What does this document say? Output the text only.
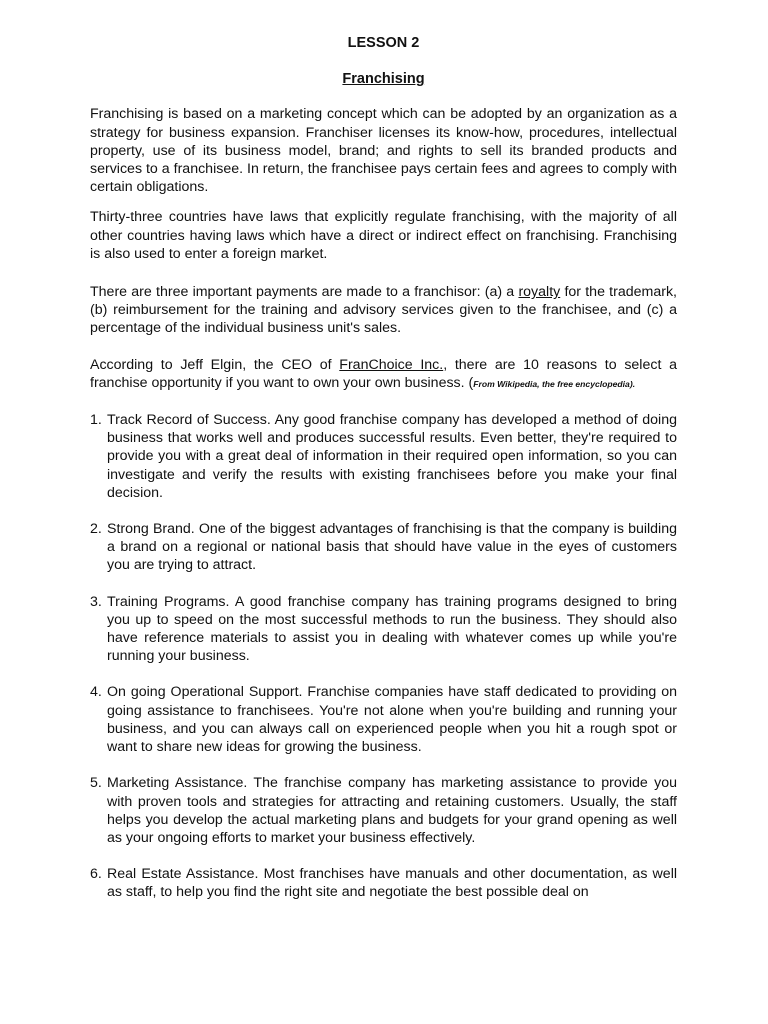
LESSON 2
Franchising

Franchising is based on a marketing concept which can be adopted by an organization as a strategy for business expansion. Franchiser licenses its know-how, procedures, intellectual property, use of its business model, brand; and rights to sell its branded products and services to a franchisee. In return, the franchisee pays certain fees and agrees to comply with certain obligations.

Thirty-three countries have laws that explicitly regulate franchising, with the majority of all other countries having laws which have a direct or indirect effect on franchising. Franchising is also used to enter a foreign market.

There are three important payments are made to a franchisor: (a) a royalty for the trademark, (b) reimbursement for the training and advisory services given to the franchisee, and (c) a percentage of the individual business unit's sales.

According to Jeff Elgin, the CEO of FranChoice Inc., there are 10 reasons to select a franchise opportunity if you want to own your own business. (From Wikipedia, the free encyclopedia).

1. Track Record of Success. Any good franchise company has developed a method of doing business that works well and produces successful results. Even better, they're required to provide you with a great deal of information in their required open information, so you can investigate and verify the results with existing franchisees before you make your final decision.
2. Strong Brand. One of the biggest advantages of franchising is that the company is building a brand on a regional or national basis that should have value in the eyes of customers you are trying to attract.
3. Training Programs. A good franchise company has training programs designed to bring you up to speed on the most successful methods to run the business. They should also have reference materials to assist you in dealing with whatever comes up while you're running your business.
4. On going Operational Support. Franchise companies have staff dedicated to providing on going assistance to franchisees. You're not alone when you're building and running your business, and you can always call on experienced people when you hit a rough spot or want to share new ideas for growing the business.
5. Marketing Assistance. The franchise company has marketing assistance to provide you with proven tools and strategies for attracting and retaining customers. Usually, the staff helps you develop the actual marketing plans and budgets for your grand opening as well as your ongoing efforts to market your business effectively.
6. Real Estate Assistance. Most franchises have manuals and other documentation, as well as staff, to help you find the right site and negotiate the best possible deal on
